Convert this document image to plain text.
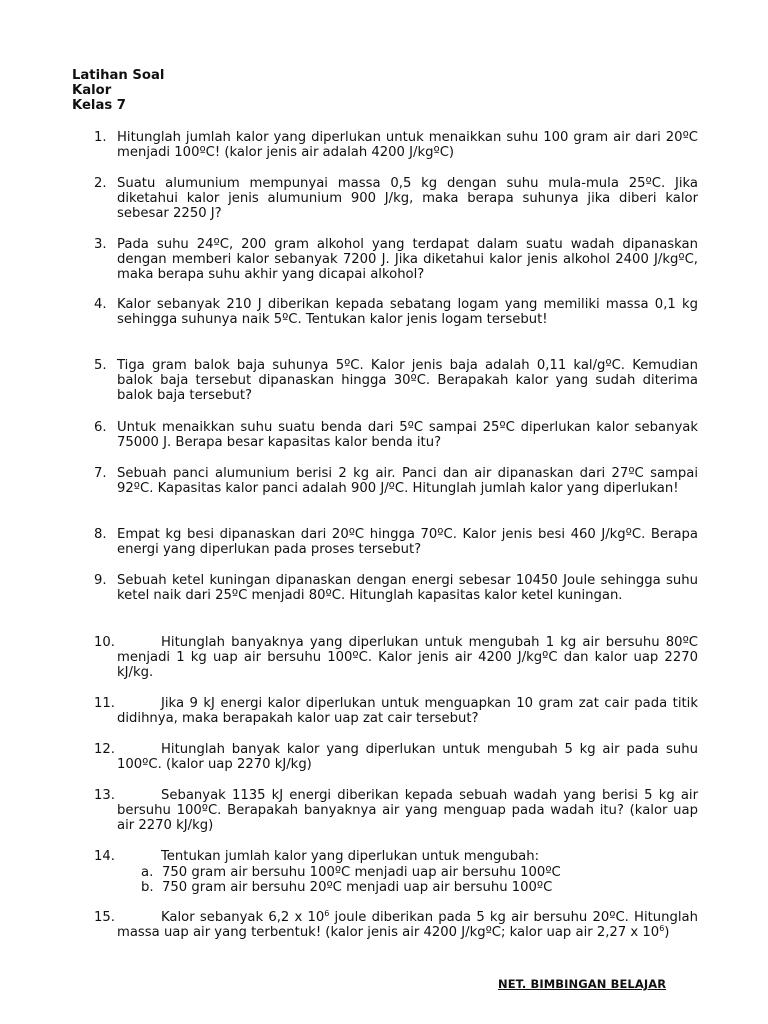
Latihan Soal
Kalor
Kelas 7
1. Hitunglah jumlah kalor yang diperlukan untuk menaikkan suhu 100 gram air dari 20ºC menjadi 100ºC! (kalor jenis air adalah 4200 J/kgºC)
2. Suatu alumunium mempunyai massa 0,5 kg dengan suhu mula-mula 25ºC. Jika diketahui kalor jenis alumunium 900 J/kg, maka berapa suhunya jika diberi kalor sebesar 2250 J?
3. Pada suhu 24ºC, 200 gram alkohol yang terdapat dalam suatu wadah dipanaskan dengan memberi kalor sebanyak 7200 J. Jika diketahui kalor jenis alkohol 2400 J/kgºC, maka berapa suhu akhir yang dicapai alkohol?
4. Kalor sebanyak 210 J diberikan kepada sebatang logam yang memiliki massa 0,1 kg sehingga suhunya naik 5ºC. Tentukan kalor jenis logam tersebut!
5. Tiga gram balok baja suhunya 5ºC. Kalor jenis baja adalah 0,11 kal/gºC. Kemudian balok baja tersebut dipanaskan hingga 30ºC. Berapakah kalor yang sudah diterima balok baja tersebut?
6. Untuk menaikkan suhu suatu benda dari 5ºC sampai 25ºC diperlukan kalor sebanyak 75000 J. Berapa besar kapasitas kalor benda itu?
7. Sebuah panci alumunium berisi 2 kg air. Panci dan air dipanaskan dari 27ºC sampai 92ºC. Kapasitas kalor panci adalah 900 J/ºC. Hitunglah jumlah kalor yang diperlukan!
8. Empat kg besi dipanaskan dari 20ºC hingga 70ºC. Kalor jenis besi 460 J/kgºC. Berapa energi yang diperlukan pada proses tersebut?
9. Sebuah ketel kuningan dipanaskan dengan energi sebesar 10450 Joule sehingga suhu ketel naik dari 25ºC menjadi 80ºC. Hitunglah kapasitas kalor ketel kuningan.
10.	Hitunglah banyaknya yang diperlukan untuk mengubah 1 kg air bersuhu 80ºC menjadi 1 kg uap air bersuhu 100ºC. Kalor jenis air 4200 J/kgºC dan kalor uap 2270 kJ/kg.
11.	Jika 9 kJ energi kalor diperlukan untuk menguapkan 10 gram zat cair pada titik didihnya, maka berapakah kalor uap zat cair tersebut?
12.	Hitunglah banyak kalor yang diperlukan untuk mengubah 5 kg air pada suhu 100ºC. (kalor uap 2270 kJ/kg)
13.	Sebanyak 1135 kJ energi diberikan kepada sebuah wadah yang berisi 5 kg air bersuhu 100ºC. Berapakah banyaknya air yang menguap pada wadah itu? (kalor uap air 2270 kJ/kg)
14.	Tentukan jumlah kalor yang diperlukan untuk mengubah:
a. 750 gram air bersuhu 100ºC menjadi uap air bersuhu 100ºC
b. 750 gram air bersuhu 20ºC menjadi uap air bersuhu 100ºC
15.	Kalor sebanyak 6,2 x $10^6$ joule diberikan pada 5 kg air bersuhu 20ºC. Hitunglah massa uap air yang terbentuk! (kalor jenis air 4200 J/kgºC; kalor uap air 2,27 x $10^6$)
NET. BIMBINGAN BELAJAR
